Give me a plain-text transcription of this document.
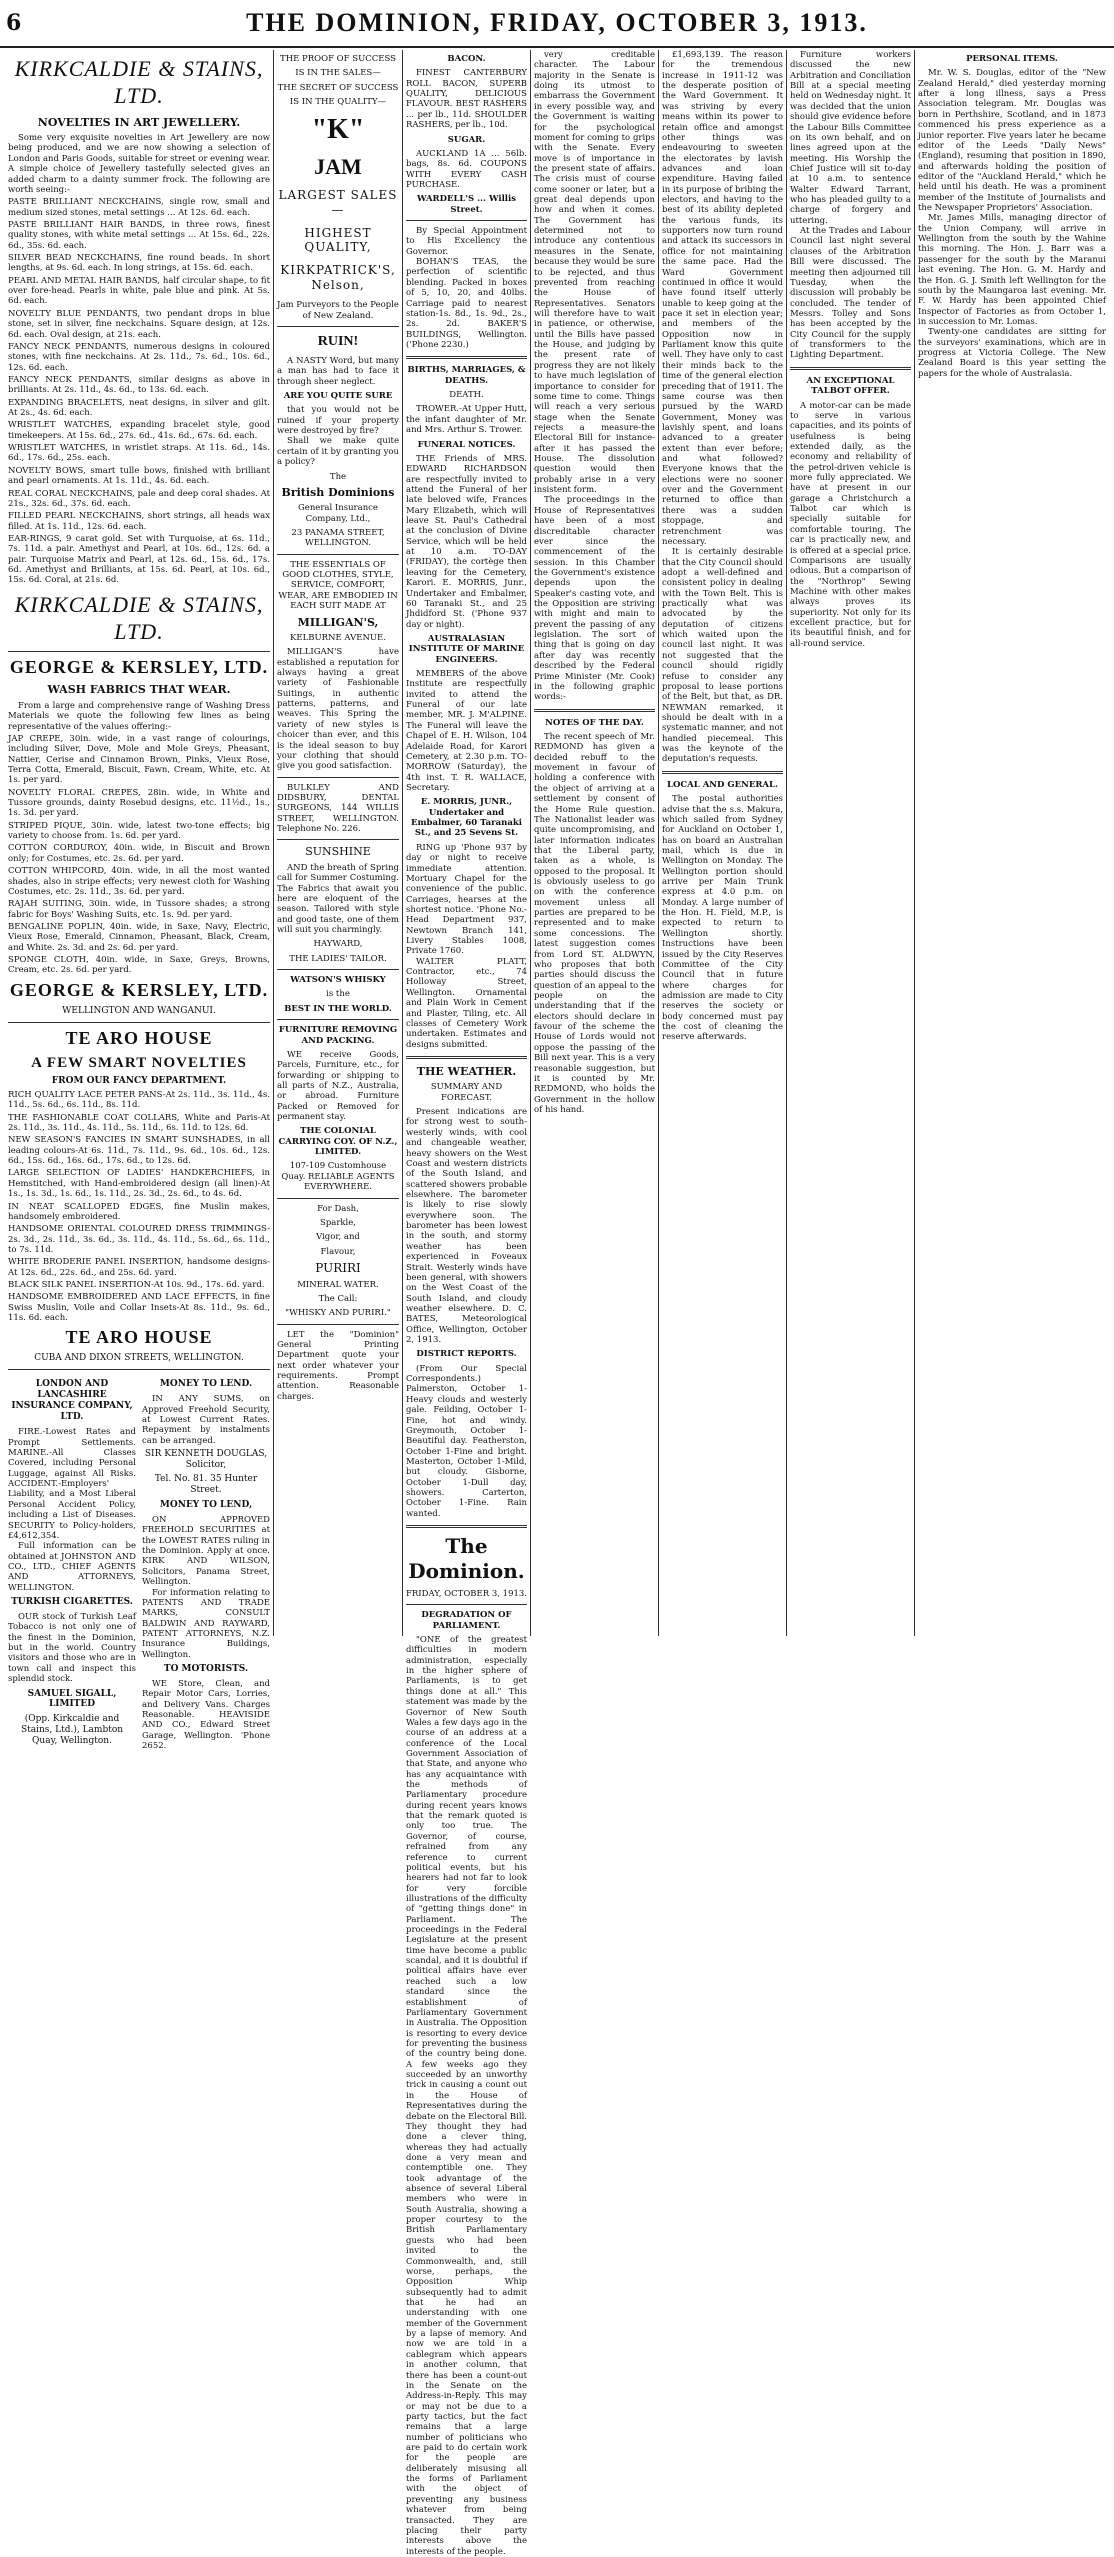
6	THE DOMINION, FRIDAY, OCTOBER 3, 1913.
KIRKCALDIE & STAINS, LTD.
NOVELTIES IN ART JEWELLERY.

Some very exquisite novelties in Art Jewellery are now being produced, and we are now showing a selection of London and Paris Goods, suitable for street or evening wear. A simple choice of Jewellery tastefully selected gives an added charm to a dainty summer frock. The following are worth seeing:-

PASTE BRILLIANT NECKCHAINS, single row, small and medium sized stones, metal settings ... At 12s. 6d. each.
PASTE BRILLIANT HAIR BANDS, in three rows, finest quality stones, with white metal settings ... At 15s. 6d., 22s. 6d., 35s. 6d. each.
SILVER BEAD NECKCHAINS, fine round beads. In short lengths, at 9s. 6d. each. In long strings, at 15s. 6d. each.
PEARL AND METAL HAIR BANDS, half circular shape, to fit over fore-head. Pearls in white, pale blue and pink. At 5s. 6d. each.
NOVELTY BLUE PENDANTS, two pendant drops in blue stone, set in silver, fine neckchains. Square design, at 12s. 6d. each. Oval design, at 21s. each.
FANCY NECK PENDANTS, numerous designs in coloured stones, with fine neckchains. At 2s. 11d., 7s. 6d., 10s. 6d., 12s. 6d. each.
FANCY NECK PENDANTS, similar designs as above in brilliants. At 2s. 11d., 4s. 6d., to 13s. 6d. each.
EXPANDING BRACELETS, neat designs, in silver and gilt. At 2s., 4s. 6d. each.
WRISTLET WATCHES, expanding bracelet style, good timekeepers. At 15s. 6d., 27s. 6d., 41s. 6d., 67s. 6d. each.
WRISTLET WATCHES, in wristlet straps. At 11s. 6d., 14s. 6d., 17s. 6d., 25s. each.
NOVELTY BOWS, smart tulle bows, finished with brilliant and pearl ornaments. At 1s. 11d., 4s. 6d. each.
REAL CORAL NECKCHAINS, pale and deep coral shades. At 21s., 32s. 6d., 37s. 6d. each.
FILLED PEARL NECKCHAINS, short strings, all heads wax filled. At 1s. 11d., 12s. 6d. each.
EAR-RINGS, 9 carat gold. Set with Turquoise, at 6s. 11d., 7s. 11d. a pair. Amethyst and Pearl, at 10s. 6d., 12s. 6d. a pair. Turquoise Matrix and Pearl, at 12s. 6d., 15s. 6d., 17s. 6d. Amethyst and Brilliants, at 15s. 6d. Pearl, at 10s. 6d., 15s. 6d. Coral, at 21s. 6d.
KIRKCALDIE & STAINS, LTD.
GEORGE & KERSLEY, LTD.
WASH FABRICS THAT WEAR.

From a large and comprehensive range of Washing Dress Materials we quote the following few lines as being representative of the values offering:-

JAP CREPE, 30in. wide, in a vast range of colourings, including Silver, Dove, Mole and Mole Greys, Pheasant, Nattier, Cerise and Cinnamon Brown, Pinks, Vieux Rose, Terra Cotta, Emerald, Biscuit, Fawn, Cream, White, etc. At 1s. per yard.
NOVELTY FLORAL CREPES, 28in. wide, in White and Tussore grounds, dainty Rosebud designs, etc. 11½d., 1s., 1s. 3d. per yard.
STRIPED PIQUE, 30in. wide, latest two-tone effects; big variety to choose from. 1s. 6d. per yard.
COTTON CORDUROY, 40in. wide, in Biscuit and Brown only; for Costumes, etc. 2s. 6d. per yard.
COTTON WHIPCORD, 40in. wide, in all the most wanted shades, also in stripe effects; very newest cloth for Washing Costumes, etc. 2s. 11d., 3s. 6d. per yard.
RAJAH SUITING, 30in. wide, in Tussore shades; a strong fabric for Boys' Washing Suits, etc. 1s. 9d. per yard.
BENGALINE POPLIN, 40in. wide, in Saxe, Navy, Electric, Vieux Rose, Emerald, Cinnamon, Pheasant, Black, Cream, and White. 2s. 3d. and 2s. 6d. per yard.
SPONGE CLOTH, 40in. wide, in Saxe, Greys, Browns, Cream, etc. 2s. 6d. per yard.
GEORGE & KERSLEY, LTD.
WELLINGTON AND WANGANUI.
TE ARO HOUSE
A FEW SMART NOVELTIES
FROM OUR FANCY DEPARTMENT.
RICH QUALITY LACE PETER PANS-At 2s. 11d., 3s. 11d., 4s. 11d., 5s. 6d., 6s. 11d., 8s. 11d.
THE FASHIONABLE COAT COLLARS, White and Paris-At 2s. 11d., 3s. 11d., 4s. 11d., 5s. 11d., 6s. 11d. to 12s. 6d.
NEW SEASON'S FANCIES IN SMART SUNSHADES, in all leading colours-At 6s. 11d., 7s. 11d., 9s. 6d., 10s. 6d., 12s. 6d., 15s. 6d., 16s. 6d., 17s. 6d., to 12s. 6d.
LARGE SELECTION OF LADIES' HANDKERCHIEFS, in Hemstitched, with Hand-embroidered design (all linen)-At 1s., 1s. 3d., 1s. 6d., 1s. 11d., 2s. 3d., 2s. 6d., to 4s. 6d.
IN NEAT SCALLOPED EDGES, fine Muslin makes, handsomely embroidered.
HANDSOME ORIENTAL COLOURED DRESS TRIMMINGS-2s. 3d., 2s. 11d., 3s. 6d., 3s. 11d., 4s. 11d., 5s. 6d., 6s. 11d., to 7s. 11d.
WHITE BRODERIE PANEL INSERTION, handsome designs-At 12s. 6d., 22s. 6d., and 25s. 6d. yard.
BLACK SILK PANEL INSERTION-At 10s. 9d., 17s. 6d. yard.
HANDSOME EMBROIDERED AND LACE EFFECTS, in fine Swiss Muslin, Voile and Collar Insets-At 8s. 11d., 9s. 6d., 11s. 6d. each.
TE ARO HOUSE
CUBA AND DIXON STREETS, WELLINGTON.
LONDON AND LANCASHIRE INSURANCE COMPANY, LTD.

FIRE.-Lowest Rates and Prompt Settlements. MARINE.-All Classes Covered, including Personal Luggage, against All Risks. ACCIDENT.-Employers' Liability, and a Most Liberal Personal Accident Policy, including a List of Diseases. SECURITY to Policy-holders, £4,612,354.

Full information can be obtained at JOHNSTON AND CO., LTD., CHIEF AGENTS AND ATTORNEYS, WELLINGTON.

TURKISH CIGARETTES.

OUR stock of Turkish Leaf Tobacco is not only one of the finest in the Dominion, but in the world. Country visitors and those who are in town call and inspect this splendid stock.

SAMUEL SIGALL, LIMITED
(Opp. Kirkcaldie and Stains, Ltd.), Lambton Quay, Wellington.
MONEY TO LEND.

IN ANY SUMS, on Approved Freehold Security, at Lowest Current Rates. Repayment by instalments can be arranged.

SIR KENNETH DOUGLAS, Solicitor,
Tel. No. 81. 35 Hunter Street.
MONEY TO LEND,

ON APPROVED FREEHOLD SECURITIES at the LOWEST RATES ruling in the Dominion. Apply at once. KIRK AND WILSON, Solicitors, Panama Street, Wellington.

For information relating to PATENTS AND TRADE MARKS, CONSULT BALDWIN AND RAYWARD, PATENT ATTORNEYS, N.Z. Insurance Buildings, Wellington.

TO MOTORISTS.

WE Store, Clean, and Repair Motor Cars, Lorries, and Delivery Vans. Charges Reasonable. HEAVISIDE AND CO., Edward Street Garage, Wellington. 'Phone 2652.

THE PROOF OF SUCCESS
IS IN THE SALES—
THE SECRET OF SUCCESS
IS IN THE QUALITY—
"K"
JAM
LARGEST SALES—
HIGHEST QUALITY,
KIRKPATRICK'S, Nelson,
Jam Purveyors to the People of New Zealand.
RUIN!

A NASTY Word, but many a man has had to face it through sheer neglect.

ARE YOU QUITE SURE

that you would not be ruined if your property were destroyed by fire?

Shall we make quite certain of it by granting you a policy?

The
British Dominions
General Insurance Company, Ltd.,
23 PANAMA STREET, WELLINGTON.
THE ESSENTIALS OF GOOD CLOTHES, STYLE, SERVICE, COMFORT, WEAR, ARE EMBODIED IN EACH SUIT MADE AT
MILLIGAN'S,
KELBURNE AVENUE.

MILLIGAN'S have established a reputation for always having a great variety of Fashionable Suitings, in authentic patterns, patterns, and weaves. This Spring the variety of new styles is choicer than ever, and this is the ideal season to buy your clothing that should give you good satisfaction.

BULKLEY AND DIDSBURY, DENTAL SURGEONS, 144 WILLIS STREET, WELLINGTON. Telephone No. 226.

SUNSHINE

AND the breath of Spring call for Summer Costuming. The Fabrics that await you here are eloquent of the season. Tailored with style and good taste, one of them will suit you charmingly.

HAYWARD,
THE LADIES' TAILOR.
WATSON'S WHISKY
is the
BEST IN THE WORLD.
FURNITURE REMOVING AND PACKING.

WE receive Goods, Parcels, Furniture, etc., for forwarding or shipping to all parts of N.Z., Australia, or abroad. Furniture Packed or Removed for permanent stay.

THE COLONIAL CARRYING COY. OF N.Z., LIMITED.
107-109 Customhouse Quay. RELIABLE AGENTS EVERYWHERE.
For Dash,
Sparkle,
Vigor, and
Flavour,
PURIRI
MINERAL WATER.
The Call:
"WHISKY AND PURIRI."

LET the "Dominion" General Printing Department quote your next order whatever your requirements. Prompt attention. Reasonable charges.

BACON.

FINEST CANTERBURY ROLL BACON, SUPERB QUALITY, DELICIOUS FLAVOUR. BEST RASHERS ... per lb., 11d. SHOULDER RASHERS, per lb., 10d.

SUGAR.

AUCKLAND 1A ... 56lb. bags, 8s. 6d. COUPONS WITH EVERY CASH PURCHASE.

WARDELL'S ... Willis Street.

By Special Appointment to His Excellency the Governor.

BOHAN'S TEAS, the perfection of scientific blending. Packed in boxes of 5, 10, 20, and 40lbs. Carriage paid to nearest station-1s. 8d., 1s. 9d., 2s., 2s. 2d. BAKER'S BUILDINGS, Wellington. ('Phone 2230.)

BIRTHS, MARRIAGES, & DEATHS.
DEATH.

TROWER.-At Upper Hutt, the infant daughter of Mr. and Mrs. Arthur S. Trower.

FUNERAL NOTICES.

THE Friends of MRS. EDWARD RICHARDSON are respectfully invited to attend the Funeral of her late beloved wife, Frances Mary Elizabeth, which will leave St. Paul's Cathedral at the conclusion of Divine Service, which will be held at 10 a.m. TO-DAY (FRIDAY), the cortège then leaving for the Cemetery, Karori. E. MORRIS, Junr., Undertaker and Embalmer, 60 Taranaki St., and 25 Jhdidford St. ('Phone 937 day or night).

AUSTRALASIAN INSTITUTE OF MARINE ENGINEERS.

MEMBERS of the above Institute are respectfully invited to attend the Funeral of our late member, MR. J. M'ALPINE. The Funeral will leave the Chapel of E. H. Wilson, 104 Adelaide Road, for Karori Cemetery, at 2.30 p.m. TO-MORROW (Saturday), the 4th inst. T. R. WALLACE, Secretary.

E. MORRIS, JUNR., Undertaker and Embalmer, 60 Taranaki St., and 25 Sevens St.

RING up 'Phone 937 by day or night to receive immediate attention. Mortuary Chapel for the convenience of the public. Carriages, hearses at the shortest notice. 'Phone No.-Head Department 937, Newtown Branch 141, Livery Stables 1008, Private 1760.

WALTER PLATT, Contractor, etc., 74 Holloway Street, Wellington. Ornamental and Plain Work in Cement and Plaster, Tiling, etc. All classes of Cemetery Work undertaken. Estimates and designs submitted.

THE WEATHER.
SUMMARY AND FORECAST.

Present indications are for strong west to south-westerly winds, with cool and changeable weather, heavy showers on the West Coast and western districts of the South Island, and scattered showers probable elsewhere. The barometer is likely to rise slowly everywhere soon. The barometer has been lowest in the south, and stormy weather has been experienced in Foveaux Strait. Westerly winds have been general, with showers on the West Coast of the South Island, and cloudy weather elsewhere. D. C. BATES, Meteorological Office, Wellington, October 2, 1913.

DISTRICT REPORTS.

(From Our Special Correspondents.) Palmerston, October 1-Heavy clouds and westerly gale. Feilding, October 1-Fine, hot and windy. Greymouth, October 1-Beautiful day. Featherston, October 1-Fine and bright. Masterton, October 1-Mild, but cloudy. Gisborne, October 1-Dull day, showers. Carterton, October 1-Fine. Rain wanted.

The Dominion.
FRIDAY, OCTOBER 3, 1913.
DEGRADATION OF PARLIAMENT.

"ONE of the greatest difficulties in modern administration, especially in the higher sphere of Parliaments, is to get things done at all." This statement was made by the Governor of New South Wales a few days ago in the course of an address at a conference of the Local Government Association of that State, and anyone who has any acquaintance with the methods of Parliamentary procedure during recent years knows that the remark quoted is only too true. The Governor, of course, refrained from any reference to current political events, but his hearers had not far to look for very forcible illustrations of the difficulty of "getting things done" in Parliament. The proceedings in the Federal Legislature at the present time have become a public scandal, and it is doubtful if political affairs have ever reached such a low standard since the establishment of Parliamentary Government in Australia. The Opposition is resorting to every device for preventing the business of the country being done. A few weeks ago they succeeded by an unworthy trick in causing a count out in the House of Representatives during the debate on the Electoral Bill. They thought they had done a clever thing, whereas they had actually done a very mean and contemptible one. They took advantage of the absence of several Liberal members who were in South Australia, showing a proper courtesy to the British Parliamentary guests who had been invited to the Commonwealth, and, still worse, perhaps, the Opposition Whip subsequently had to admit that he had an understanding with one member of the Government by a lapse of memory. And now we are told in a cablegram which appears in another column, that there has been a count-out in the Senate on the Address-in-Reply. This may or may not be due to a party tactics, but the fact remains that a large number of politicians who are paid to do certain work for the people are deliberately misusing all the forms of Parliament with the object of preventing any business whatever from being transacted. They are placing their party interests above the interests of the people.

very creditable character. The Labour majority in the Senate is doing its utmost to embarrass the Government in every possible way, and the Government is waiting for the psychological moment for coming to grips with the Senate. Every move is of importance in the present state of affairs. The crisis must of course come sooner or later, but a great deal depends upon how and when it comes. The Government has determined not to introduce any contentious measures in the Senate, because they would be sure to be rejected, and thus prevented from reaching the House of Representatives. Senators will therefore have to wait in patience, or otherwise, until the Bills have passed the House, and judging by the present rate of progress they are not likely to have much legislation of importance to consider for some time to come. Things will reach a very serious stage when the Senate rejects a measure-the Electoral Bill for instance-after it has passed the House. The dissolution question would then probably arise in a very insistent form.

The proceedings in the House of Representatives have been of a most discreditable character ever since the commencement of the session. In this Chamber the Government's existence depends upon the Speaker's casting vote, and the Opposition are striving with might and main to prevent the passing of any legislation. The sort of thing that is going on day after day was recently described by the Federal Prime Minister (Mr. Cook) in the following graphic words:-

NOTES OF THE DAY.

The recent speech of Mr. REDMOND has given a decided rebuff to the movement in favour of holding a conference with the object of arriving at a settlement by consent of the Home Rule question. The Nationalist leader was quite uncompromising, and later information indicates that the Liberal party, taken as a whole, is opposed to the proposal. It is obviously useless to go on with the conference movement unless all parties are prepared to be represented and to make some concessions. The latest suggestion comes from Lord ST. ALDWYN, who proposes that both parties should discuss the question of an appeal to the people on the understanding that if the electors should declare in favour of the scheme the House of Lords would not oppose the passing of the Bill next year. This is a very reasonable suggestion, but it is counted by Mr. REDMOND, who holds the Government in the hollow of his hand.

£1,693,139. The reason for the tremendous increase in 1911-12 was the desperate position of the Ward Government. It was striving by every means within its power to retain office and amongst other things was endeavouring to sweeten the electorates by lavish advances and loan expenditure. Having failed in its purpose of bribing the electors, and having to the best of its ability depleted the various funds, its supporters now turn round and attack its successors in office for not maintaining the same pace. Had the Ward Government continued in office it would have found itself utterly unable to keep going at the pace it set in election year; and members of the Opposition now in Parliament know this quite well. They have only to cast their minds back to the time of the general election preceding that of 1911. The same course was then pursued by the WARD Government, Money was lavishly spent, and loans advanced to a greater extent than ever before; and what followed? Everyone knows that the elections were no sooner over and the Government returned to office than there was a sudden stoppage, and retrenchment was necessary.

It is certainly desirable that the City Council should adopt a well-defined and consistent policy in dealing with the Town Belt. This is practically what was advocated by the deputation of citizens which waited upon the council last night. It was not suggested that the council should rigidly refuse to consider any proposal to lease portions of the Belt, but that, as DR. NEWMAN remarked, it should be dealt with in a systematic manner, and not handled piecemeal. This was the keynote of the deputation's requests.

LOCAL AND GENERAL.

The postal authorities advise that the s.s. Makura, which sailed from Sydney for Auckland on October 1, has on board an Australian mail, which is due in Wellington on Monday. The Wellington portion should arrive per Main Trunk express at 4.0 p.m. on Monday. A large number of the Hon. H. Field, M.P., is expected to return to Wellington shortly. Instructions have been issued by the City Reserves Committee of the City Council that in future where charges for admission are made to City reserves the society or body concerned must pay the cost of cleaning the reserve afterwards.

Furniture workers discussed the new Arbitration and Conciliation Bill at a special meeting held on Wednesday night. It was decided that the union should give evidence before the Labour Bills Committee on its own behalf, and on lines agreed upon at the meeting. His Worship the Chief Justice will sit to-day at 10 a.m. to sentence Walter Edward Tarrant, who has pleaded guilty to a charge of forgery and uttering.

At the Trades and Labour Council last night several clauses of the Arbitration Bill were discussed. The meeting then adjourned till Tuesday, when the discussion will probably be concluded. The tender of Messrs. Tolley and Sons has been accepted by the City Council for the supply of transformers to the Lighting Department.

AN EXCEPTIONAL TALBOT OFFER.

A motor-car can be made to serve in various capacities, and its points of usefulness is being extended daily, as the economy and reliability of the petrol-driven vehicle is more fully appreciated. We have at present in our garage a Christchurch a Talbot car which is specially suitable for comfortable touring. The car is practically new, and is offered at a special price. Comparisons are usually odious. But a comparison of the "Northrop" Sewing Machine with other makes always proves its superiority. Not only for its excellent practice, but for its beautiful finish, and for all-round service.

PERSONAL ITEMS.

Mr. W. S. Douglas, editor of the "New Zealand Herald," died yesterday morning after a long illness, says a Press Association telegram. Mr. Douglas was born in Perthshire, Scotland, and in 1873 commenced his press experience as a junior reporter. Five years later he became editor of the Leeds "Daily News" (England), resuming that position in 1890, and afterwards holding the position of editor of the "Auckland Herald," which he held until his death. He was a prominent member of the Institute of Journalists and the Newspaper Proprietors' Association.

Mr. James Mills, managing director of the Union Company, will arrive in Wellington from the south by the Wahine this morning. The Hon. J. Barr was a passenger for the south by the Maranui last evening. The Hon. G. M. Hardy and the Hon. G. J. Smith left Wellington for the south by the Maungaroa last evening. Mr. F. W. Hardy has been appointed Chief Inspector of Factories as from October 1, in succession to Mr. Lomas.

Twenty-one candidates are sitting for the surveyors' examinations, which are in progress at Victoria College. The New Zealand Board is this year setting the papers for the whole of Australasia.
